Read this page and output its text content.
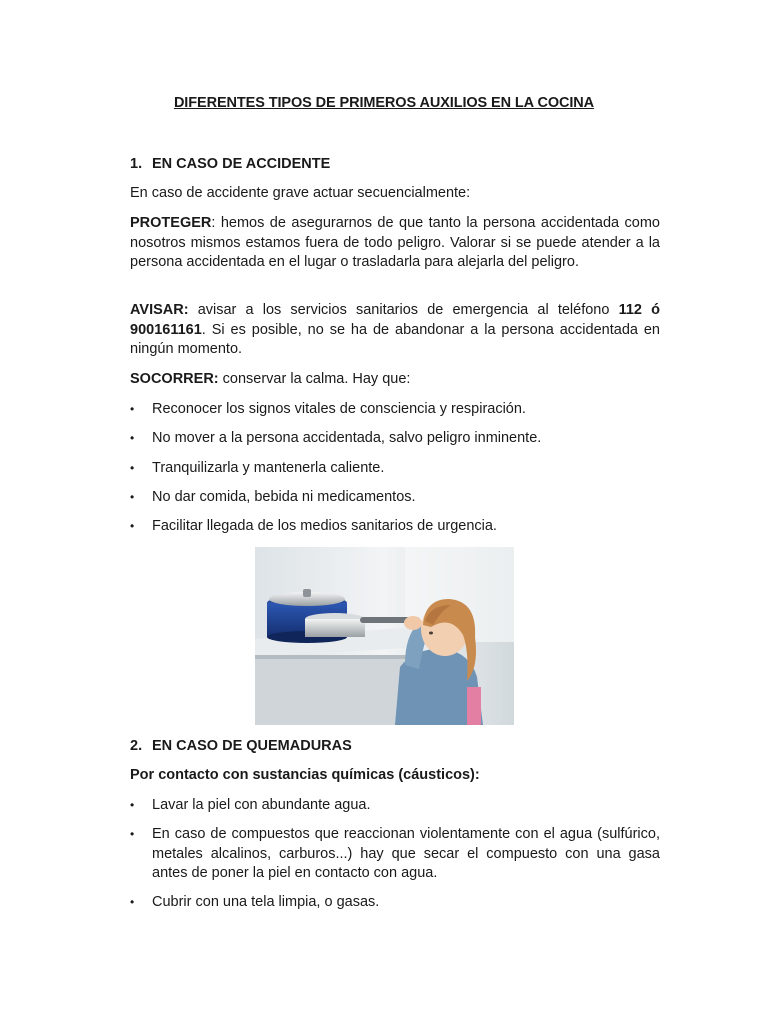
DIFERENTES TIPOS DE PRIMEROS AUXILIOS EN LA COCINA
1. EN CASO DE ACCIDENTE
En caso de accidente grave actuar secuencialmente:
PROTEGER: hemos de asegurarnos de que tanto la persona accidentada como nosotros mismos estamos fuera de todo peligro. Valorar si se puede atender a la persona accidentada en el lugar o trasladarla para alejarla del peligro.
AVISAR: avisar a los servicios sanitarios de emergencia al teléfono 112 ó 900161161. Si es posible, no se ha de abandonar a la persona accidentada en ningún momento.
SOCORRER: conservar la calma. Hay que:
•	Reconocer los signos vitales de consciencia y respiración.
•	No mover a la persona accidentada, salvo peligro inminente.
•	Tranquilizarla y mantenerla caliente.
•	No dar comida, bebida ni medicamentos.
•	Facilitar llegada de los medios sanitarios de urgencia.
2. EN CASO DE QUEMADURAS
Por contacto con sustancias químicas (cáusticos):
•	Lavar la piel con abundante agua.
•	En caso de compuestos que reaccionan violentamente con el agua (sulfúrico, metales alcalinos, carburos...) hay que secar el compuesto con una gasa antes de poner la piel en contacto con agua.
•	Cubrir con una tela limpia, o gasas.
